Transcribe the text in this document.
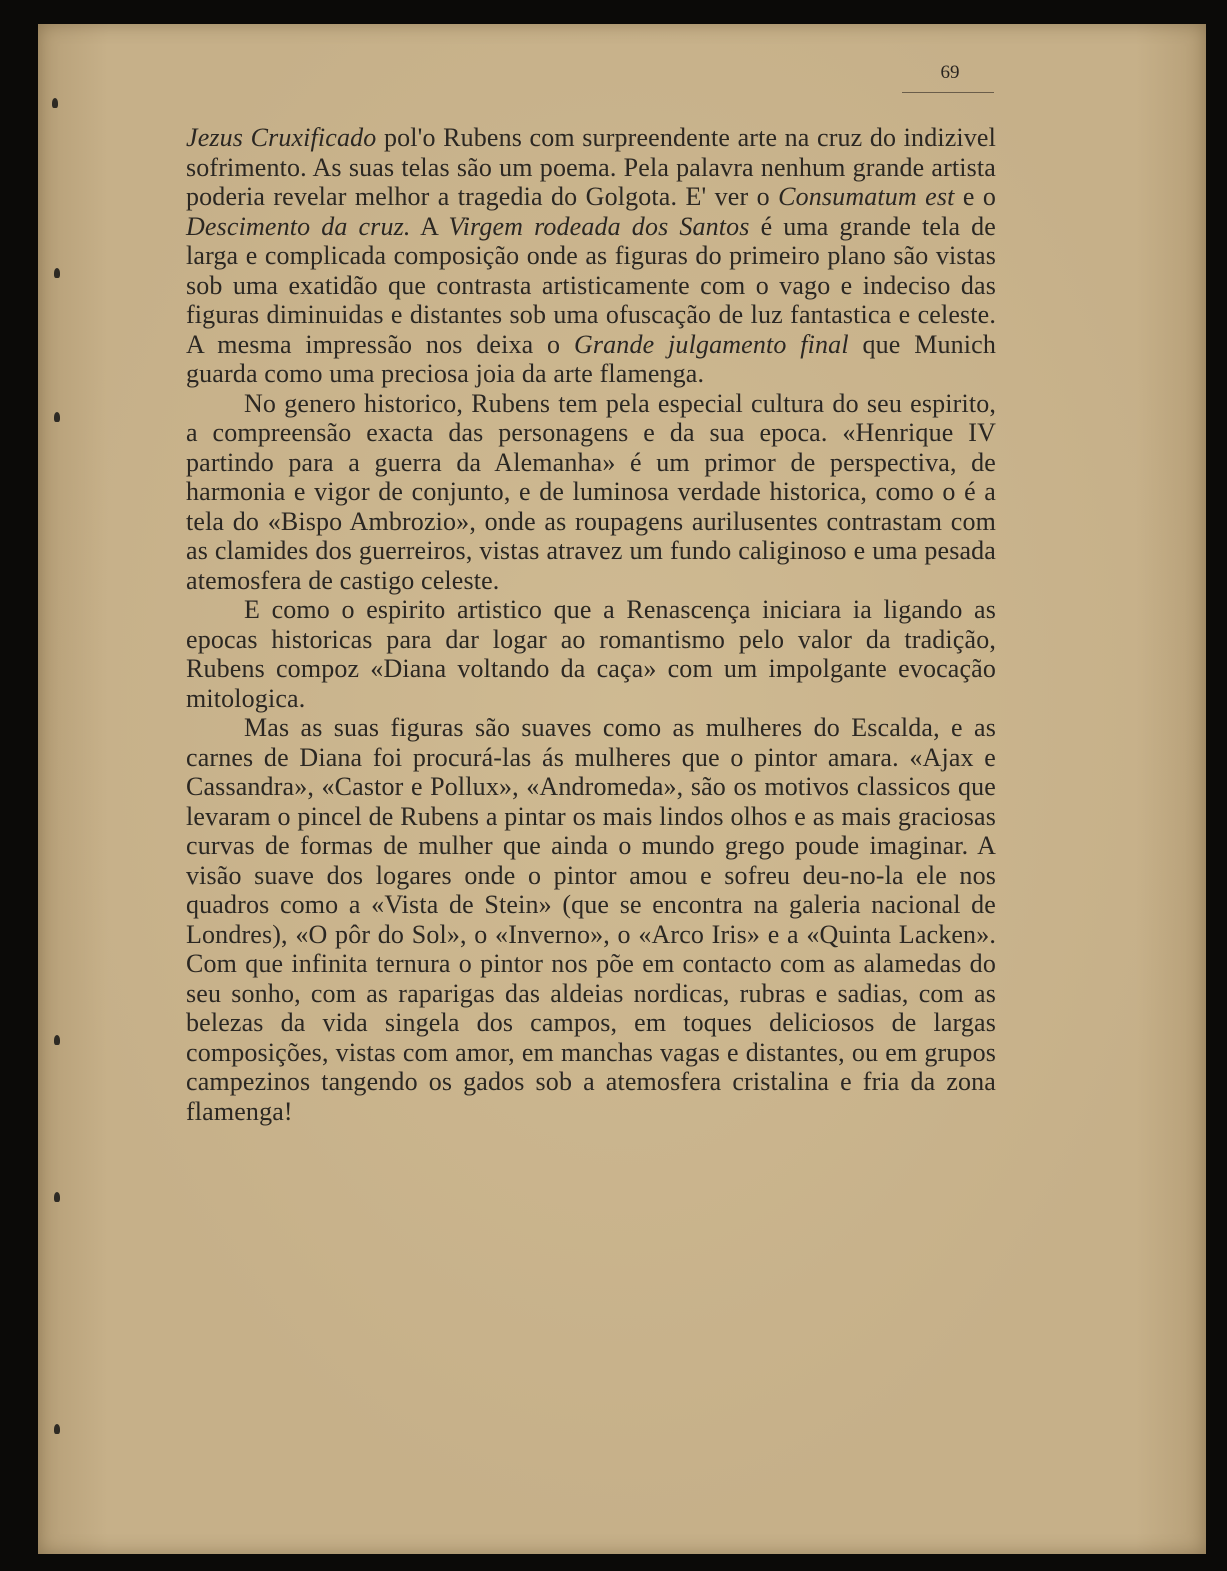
69

Jezus Cruxificado pol'o Rubens com surpreendente arte na cruz do indizivel sofrimento. As suas telas são um poema. Pela palavra nenhum grande artista poderia revelar melhor a tragedia do Golgota. E' ver o Consumatum est e o Descimento da cruz. A Virgem rodeada dos Santos é uma grande tela de larga e complicada composição onde as figuras do primeiro plano são vistas sob uma exatidão que contrasta artisticamente com o vago e indeciso das figuras diminuidas e distantes sob uma ofuscação de luz fantastica e celeste. A mesma impressão nos deixa o Grande julgamento final que Munich guarda como uma preciosa joia da arte flamenga.

No genero historico, Rubens tem pela especial cultura do seu espirito, a compreensão exacta das personagens e da sua epoca. «Henrique IV partindo para a guerra da Alemanha» é um primor de perspectiva, de harmonia e vigor de conjunto, e de luminosa verdade historica, como o é a tela do «Bispo Ambrozio», onde as roupagens aurilusentes contrastam com as clamides dos guerreiros, vistas atravez um fundo caliginoso e uma pesada atemosfera de castigo celeste.

E como o espirito artistico que a Renascença iniciara ia ligando as epocas historicas para dar logar ao romantismo pelo valor da tradição, Rubens compoz «Diana voltando da caça» com um impolgante evocação mitologica.

Mas as suas figuras são suaves como as mulheres do Escalda, e as carnes de Diana foi procurá-las ás mulheres que o pintor amara. «Ajax e Cassandra», «Castor e Pollux», «Andromeda», são os motivos classicos que levaram o pincel de Rubens a pintar os mais lindos olhos e as mais graciosas curvas de formas de mulher que ainda o mundo grego poude imaginar. A visão suave dos logares onde o pintor amou e sofreu deu-no-la ele nos quadros como a «Vista de Stein» (que se encontra na galeria nacional de Londres), «O pôr do Sol», o «Inverno», o «Arco Iris» e a «Quinta Lacken». Com que infinita ternura o pintor nos põe em contacto com as alamedas do seu sonho, com as raparigas das aldeias nordicas, rubras e sadias, com as belezas da vida singela dos campos, em toques deliciosos de largas composições, vistas com amor, em manchas vagas e distantes, ou em grupos campezinos tangendo os gados sob a atemosfera cristalina e fria da zona flamenga!
